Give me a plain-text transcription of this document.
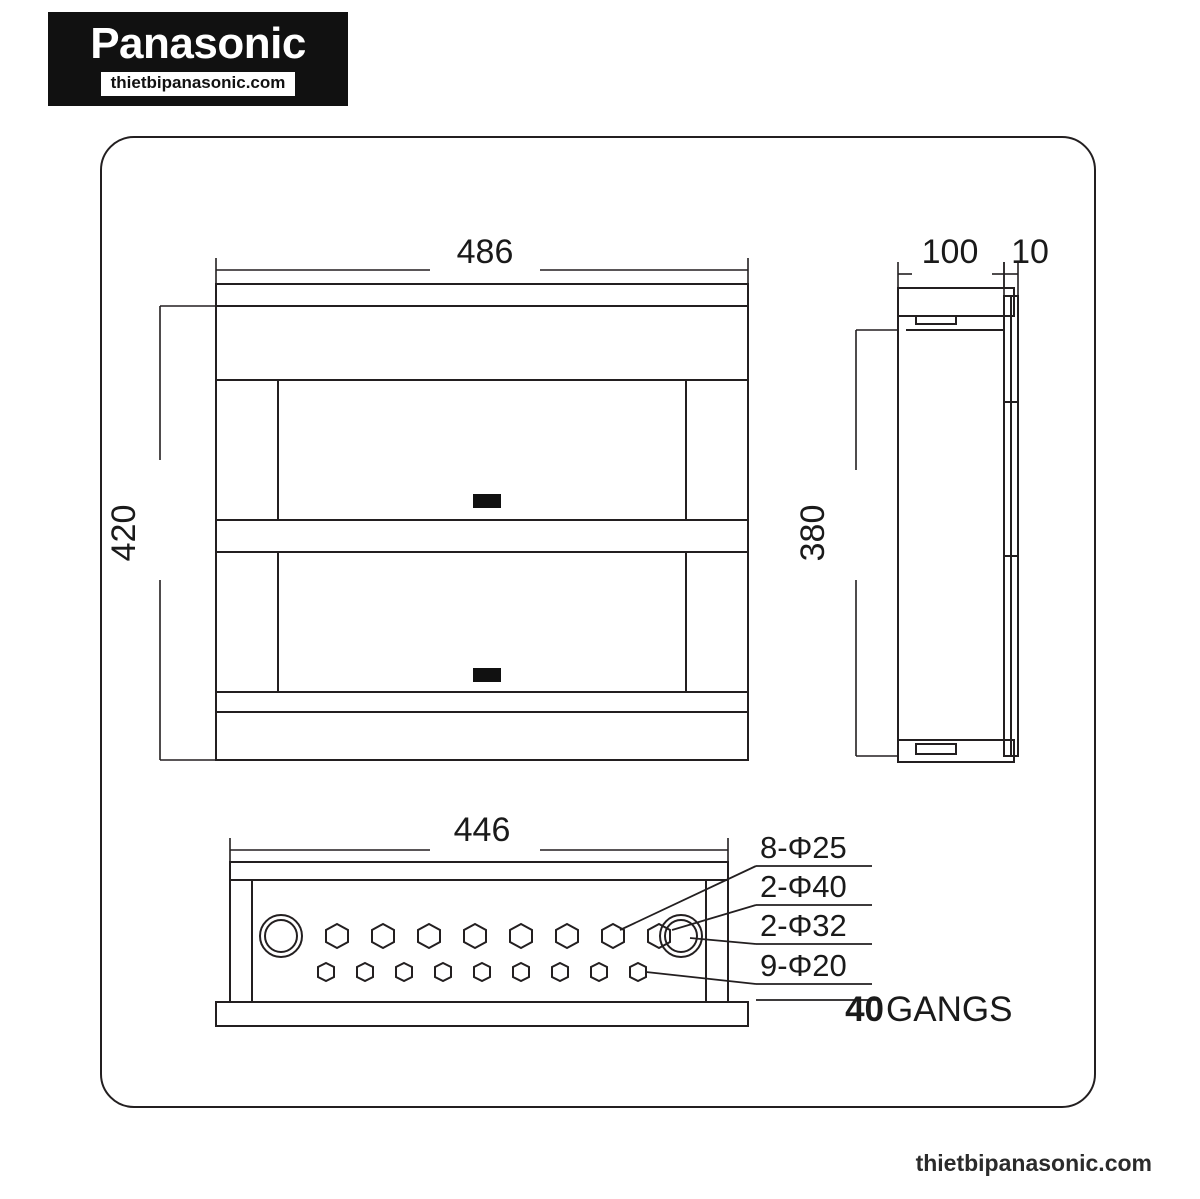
Panasonic
thietbipanasonic.com
486
420
100 10
380
446	8-Φ25
2-Φ40
2-Φ32
9-Φ20
40 GANGS
thietbipanasonic.com
